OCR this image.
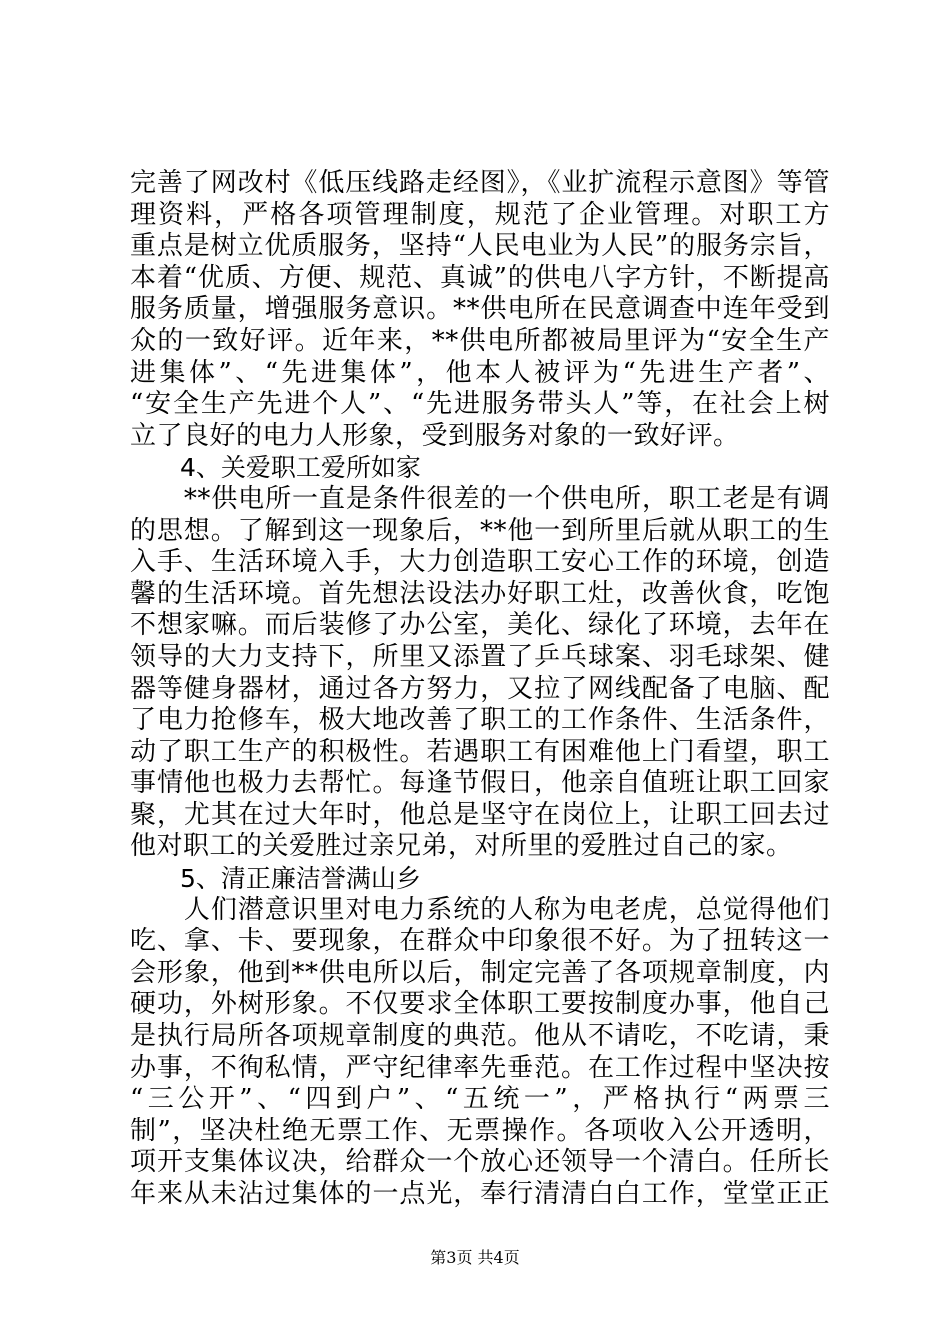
完善了网改村《低压线路走经图》，《业扩流程示意图》等管
理资料，严格各项管理制度，规范了企业管理。对职工方
重点是树立优质服务，坚持“人民电业为人民”的服务宗旨，
本着“优质、方便、规范、真诚”的供电八字方针，不断提高
服务质量，增强服务意识。**供电所在民意调查中连年受到
众的一致好评。近年来，**供电所都被局里评为“安全生产
进集体”、“先进集体”，他本人被评为“先进生产者”、
“安全生产先进个人”、“先进服务带头人”等，在社会上树
立了良好的电力人形象，受到服务对象的一致好评。
4、关爱职工爱所如家
　　**供电所一直是条件很差的一个供电所，职工老是有调
的思想。了解到这一现象后，**他一到所里后就从职工的生
入手、生活环境入手，大力创造职工安心工作的环境，创造
馨的生活环境。首先想法设法办好职工灶，改善伙食，吃饱
不想家嘛。而后装修了办公室，美化、绿化了环境，去年在
领导的大力支持下，所里又添置了乒乓球案、羽毛球架、健
器等健身器材，通过各方努力，又拉了网线配备了电脑、配
了电力抢修车，极大地改善了职工的工作条件、生活条件，
动了职工生产的积极性。若遇职工有困难他上门看望，职工
事情他也极力去帮忙。每逢节假日，他亲自值班让职工回家
聚，尤其在过大年时，他总是坚守在岗位上，让职工回去过
他对职工的关爱胜过亲兄弟，对所里的爱胜过自己的家。
5、清正廉洁誉满山乡
　　人们潜意识里对电力系统的人称为电老虎，总觉得他们
吃、拿、卡、要现象，在群众中印象很不好。为了扭转这一
会形象，他到**供电所以后，制定完善了各项规章制度，内
硬功，外树形象。不仅要求全体职工要按制度办事，他自己
是执行局所各项规章制度的典范。他从不请吃，不吃请，秉
办事，不徇私情，严守纪律率先垂范。在工作过程中坚决按
“三公开”、“四到户”、“五统一”，严格执行“两票三
制”，坚决杜绝无票工作、无票操作。各项收入公开透明，
项开支集体议决，给群众一个放心还领导一个清白。任所长
年来从未沾过集体的一点光，奉行清清白白工作，堂堂正正
第3页 共4页
